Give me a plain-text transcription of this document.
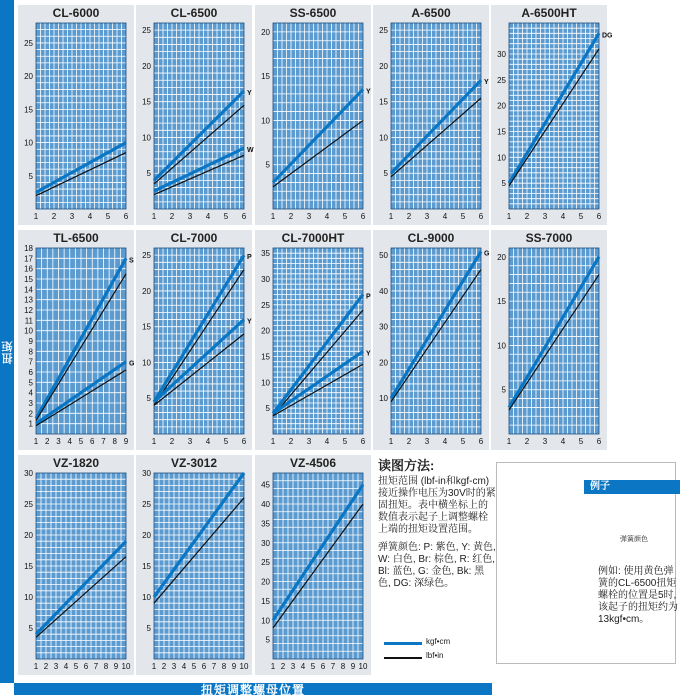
扭矩
扭矩调整螺母位置
CL-6000
5
10
15
20
25
1 2 3 4 5 6
CL-6500
5
10
15
20
25
1 2 3 4 5 6
Y
W
SS-6500
5
10
15
20
1 2 3 4 5 6
Y
A-6500
5
10
15
20
25
1 2 3 4 5 6
Y
A-6500HT
5
10
15
20
25
30
1 2 3 4 5 6
DG
TL-6500
1
2
3
4
5
6
7
8
9
10
11
12
13
14
15
16
17
18
1 2 3 4 5 6 7 8 9
S
G
CL-7000
5
10
15
20
25
1 2 3 4 5 6
P
Y
CL-7000HT
5
10
15
20
25
30
35
1 2 3 4 5 6
P
Y
CL-9000
10
20
30
40
50
1 2 3 4 5 6
G
SS-7000
5
10
15
20
1 2 3 4 5 6
VZ-1820
5
10
15
20
25
30
1 2 3 4 5 6 7 8 9 10
VZ-3012
5
10
15
20
25
30
1 2 3 4 5 6 7 8 9 10
VZ-4506
5
10
15
20
25
30
35
40
45
1 2 3 4 5 6 7 8 9 10
读图方法:

扭矩范围 (lbf-in和kgf-cm)接近操作电压为30V时的紧固扭矩。表中横坐标上的数值表示起子上调整螺栓上端的扭矩设置范围。

弹簧颜色: P: 紫色, Y: 黄色, W: 白色, Br: 棕色, R: 红色, Bl: 蓝色, G: 金色, Bk: 黑色, DG: 深绿色。

kgf•cm
lbf•in
例子
弹簧颜色
例如: 使用黄色弹簧的CL-6500扭矩螺栓的位置是5时, 该起子的扭矩约为13kgf•cm。
